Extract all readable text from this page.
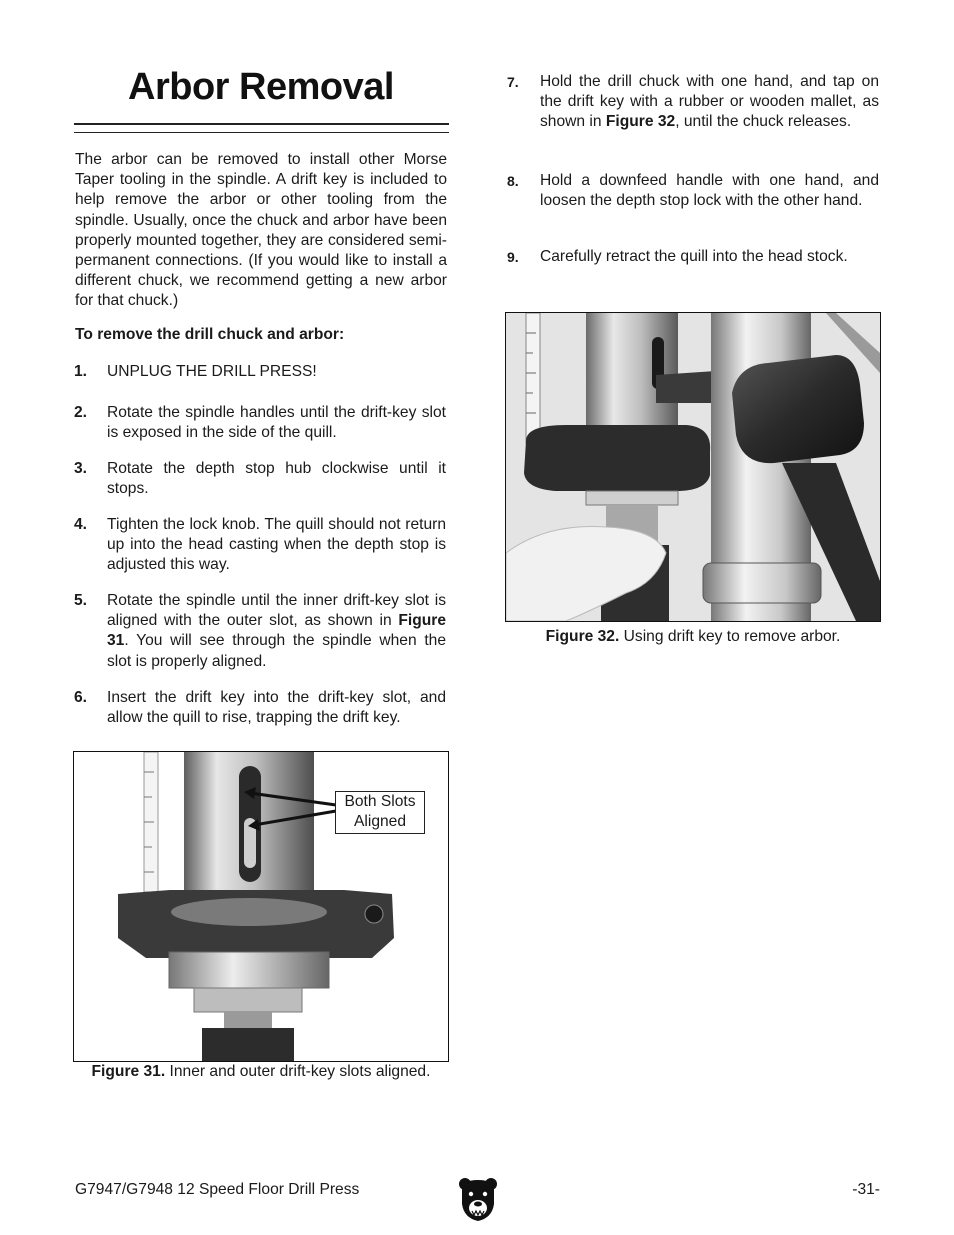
Arbor Removal
The arbor can be removed to install other Morse Taper tooling in the spindle. A drift key is included to help remove the arbor or other tooling from the spindle. Usually, once the chuck and arbor have been properly mounted together, they are considered semi-permanent connections. (If you would like to install a different chuck, we recommend getting a new arbor for that chuck.)
To remove the drill chuck and arbor:
1. UNPLUG THE DRILL PRESS!
2. Rotate the spindle handles until the drift-key slot is exposed in the side of the quill.
3. Rotate the depth stop hub clockwise until it stops.
4. Tighten the lock knob. The quill should not return up into the head casting when the depth stop is adjusted this way.
5. Rotate the spindle until the inner drift-key slot is aligned with the outer slot, as shown in Figure 31. You will see through the spindle when the slot is properly aligned.
6. Insert the drift key into the drift-key slot, and allow the quill to rise, trapping the drift key.
7. Hold the drill chuck with one hand, and tap on the drift key with a rubber or wooden mallet, as shown in Figure 32, until the chuck releases.
8. Hold a downfeed handle with one hand, and loosen the depth stop lock with the other hand.
9. Carefully retract the quill into the head stock.
Figure 32. Using drift key to remove arbor.
Both Slots
Aligned
Figure 31. Inner and outer drift-key slots aligned.
G7947/G7948 12 Speed Floor Drill Press	-31-
